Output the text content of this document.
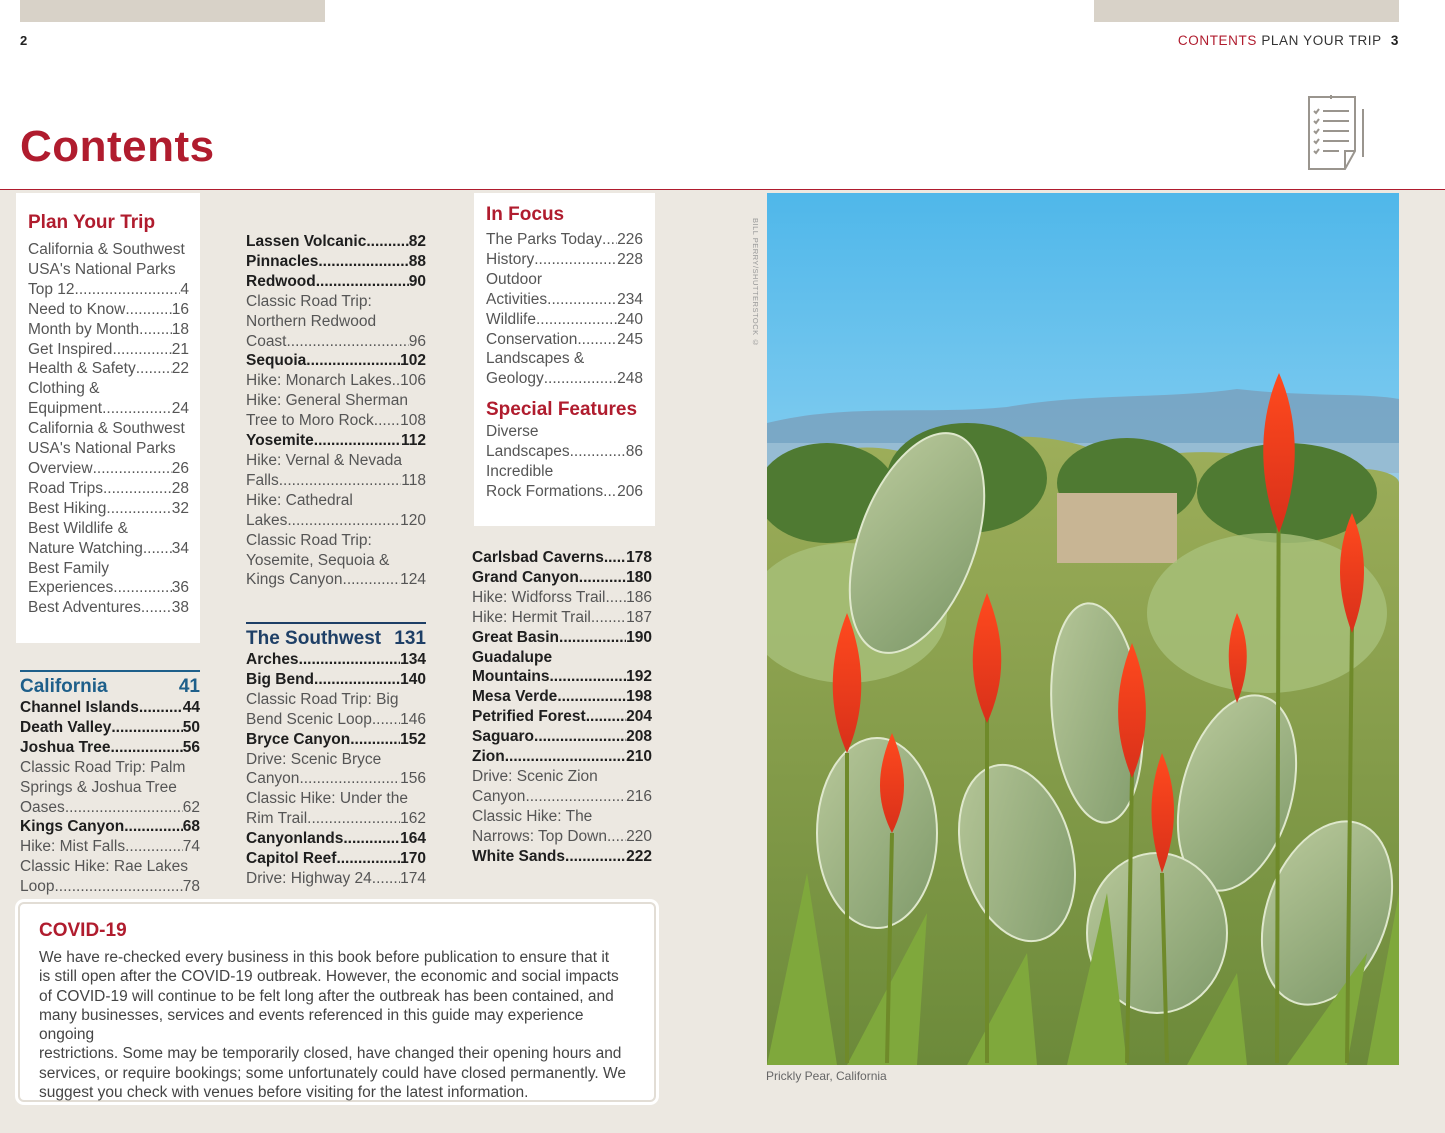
2	CONTENTS PLAN YOUR TRIP 3
Contents
Plan Your Trip
California & Southwest
USA's National Parks
Top 12 .....	4
Need to Know .....	16
Month by Month ..... 18
Get Inspired .....	21
Health & Safety ..... 22
Clothing &
Equipment .....	24
California & Southwest
USA's National Parks
Overview .....	26
Road Trips .....	28
Best Hiking .....	32
Best Wildlife &
Nature Watching ..... 34
Best Family
Experiences .....	36
Best Adventures ..... 38
California	41
Channel Islands .....	44
Death Valley .....	50
Joshua Tree .....	56
Classic Road Trip: Palm
Springs & Joshua Tree
Oases .....	62
Kings Canyon .....	68
Hike: Mist Falls .....	74
Classic Hike: Rae Lakes
Loop .....	78
Lassen Volcanic .....	82
Pinnacles .....	88
Redwood .....	90
Classic Road Trip:
Northern Redwood
Coast .....	96
Sequoia .....	102
Hike: Monarch Lakes ..... 106
Hike: General Sherman
Tree to Moro Rock ..... 108
Yosemite .....	112
Hike: Vernal & Nevada
Falls .....	118
Hike: Cathedral
Lakes .....	120
Classic Road Trip:
Yosemite, Sequoia &
Kings Canyon .....	124
The Southwest 131
Arches .....	134
Big Bend .....	140
Classic Road Trip: Big
Bend Scenic Loop ..... 146
Bryce Canyon .....	152
Drive: Scenic Bryce
Canyon .....	156
Classic Hike: Under the
Rim Trail .....	162
Canyonlands .....	164
Capitol Reef .....	170
Drive: Highway 24 ..... 174
In Focus
The Parks Today ..... 226
History .....	228
Outdoor
Activities .....	234
Wildlife .....	240
Conservation .....	245
Landscapes &
Geology .....	248
Special Features
Diverse
Landscapes .....	86
Incredible
Rock Formations ..... 206
Carlsbad Caverns ..... 178
Grand Canyon .....	180
Hike: Widforss Trail ..... 186
Hike: Hermit Trail ..... 187
Great Basin .....	190
Guadalupe
Mountains .....	192
Mesa Verde .....	198
Petrified Forest .....	204
Saguaro .....	208
Zion .....	210
Drive: Scenic Zion
Canyon .....	216
Classic Hike: The
Narrows: Top Down ..... 220
White Sands .....	222
BILL PERRY/SHUTTERSTOCK ©
Prickly Pear, California
COVID-19

We have re-checked every business in this book before publication to ensure that it
is still open after the COVID-19 outbreak. However, the economic and social impacts
of COVID-19 will continue to be felt long after the outbreak has been contained, and
many businesses, services and events referenced in this guide may experience ongoing
restrictions. Some may be temporarily closed, have changed their opening hours and
services, or require bookings; some unfortunately could have closed permanently. We
suggest you check with venues before visiting for the latest information.
